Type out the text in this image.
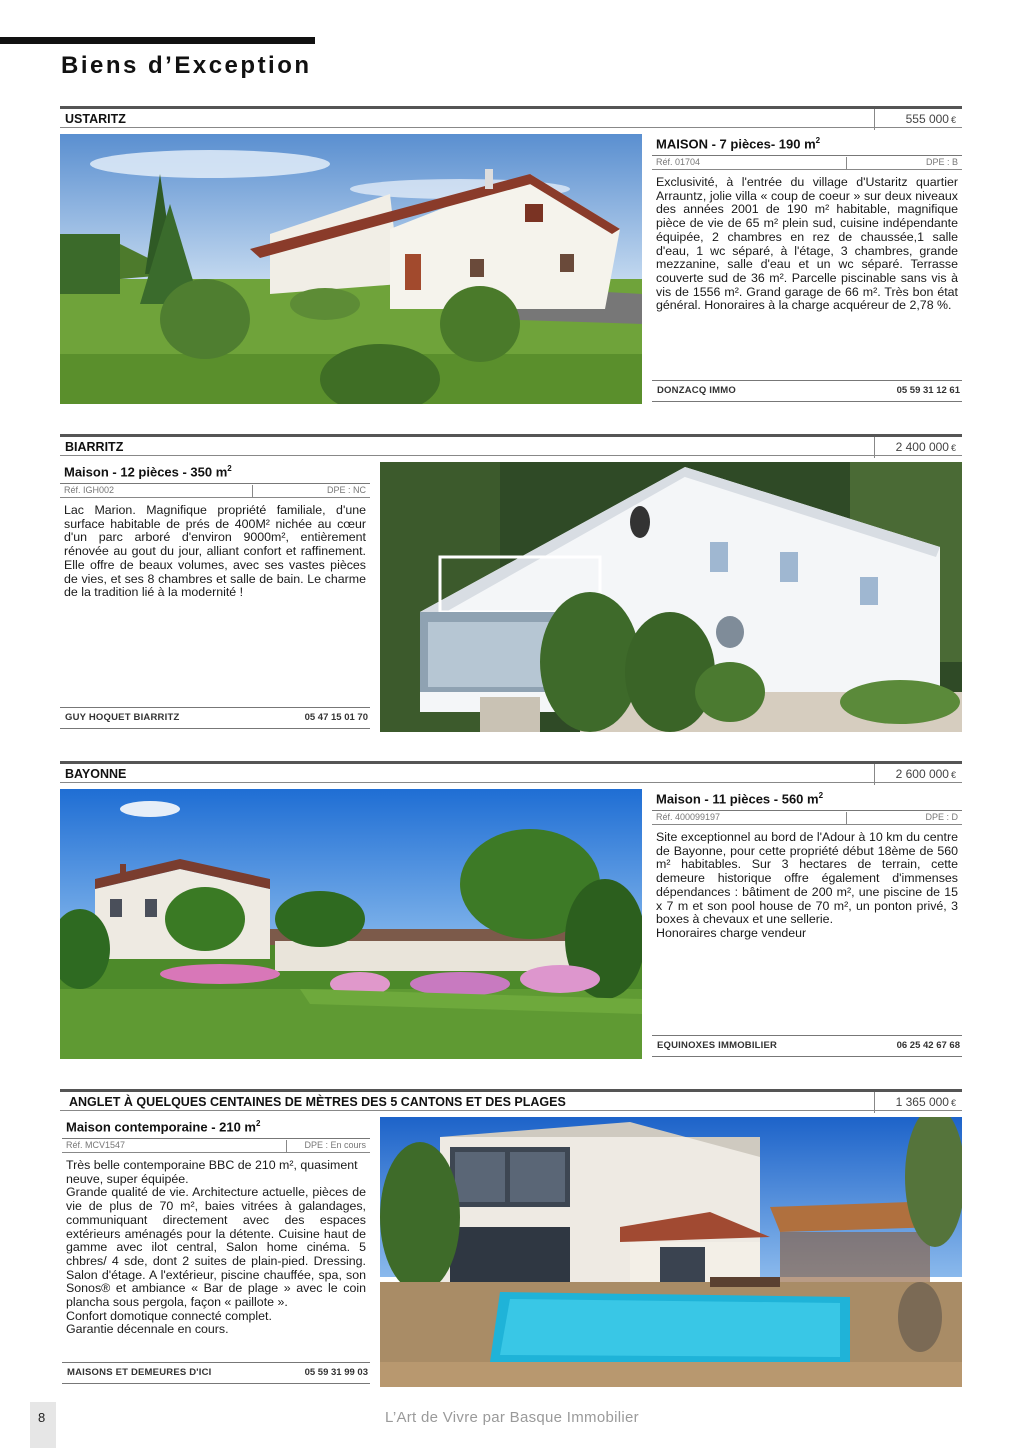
Biens d’Exception
USTARITZ	555 000 €
MAISON - 7 pièces- 190 $m^2$
Réf. 01704	DPE : B

Exclusivité, à l'entrée du village d'Ustaritz quartier Arrauntz, jolie villa « coup de coeur » sur deux niveaux des années 2001 de 190 m² habitable, magnifique pièce de vie de 65 m² plein sud, cuisine indépendante équipée, 2 chambres en rez de chaussée,1 salle d'eau, 1 wc séparé, à l'étage, 3 chambres, grande mezzanine, salle d'eau et un wc séparé. Terrasse couverte sud de 36 m². Parcelle piscinable sans vis à vis de 1556 m². Grand garage de 66 m². Très bon état général. Honoraires à la charge acquéreur de 2,78 %.

DONZACQ IMMO	05 59 31 12 61
BIARRITZ	2 400 000 €
Maison - 12 pièces - 350 $m^2$
Réf. IGH002	DPE : NC

Lac Marion. Magnifique propriété familiale, d'une surface habitable de prés de 400M² nichée au cœur d'un parc arboré d'environ 9000m², entièrement rénovée au gout du jour, alliant confort et raffinement. Elle offre de beaux volumes, avec ses vastes pièces de vies, et ses 8 chambres et salle de bain. Le charme de la tradition lié à la modernité !

GUY HOQUET BIARRITZ	05 47 15 01 70
BAYONNE	2 600 000 €
Maison - 11 pièces - 560 $m^2$
Réf. 400099197	DPE : D

Site exceptionnel au bord de l'Adour à 10 km du centre de Bayonne, pour cette propriété début 18ème de 560 m² habitables. Sur 3 hectares de terrain, cette demeure historique offre également d'immenses dépendances : bâtiment de 200 m², une piscine de 15 x 7 m et son pool house de 70 m², un ponton privé, 3 boxes à chevaux et une sellerie.

Honoraires charge vendeur

EQUINOXES IMMOBILIER	06 25 42 67 68
ANGLET À QUELQUES CENTAINES DE MÈTRES DES 5 CANTONS ET DES PLAGES	1 365 000 €
Maison contemporaine - 210 $m^2$
Réf. MCV1547	DPE : En cours

Très belle contemporaine BBC de 210 m², quasiment neuve, super équipée.

Grande qualité de vie. Architecture actuelle, pièces de vie de plus de 70 m², baies vitrées à galandages, communiquant directement avec des espaces extérieurs aménagés pour la détente. Cuisine haut de gamme avec ilot central, Salon home cinéma. 5 chbres/ 4 sde, dont 2 suites de plain-pied. Dressing. Salon d'étage. A l'extérieur, piscine chauffée, spa, son Sonos® et ambiance « Bar de plage » avec le coin plancha sous pergola, façon « paillote ».

Confort domotique connecté complet.

Garantie décennale en cours.

MAISONS ET DEMEURES D'ICI	05 59 31 99 03
8	L’Art de Vivre par Basque Immobilier
